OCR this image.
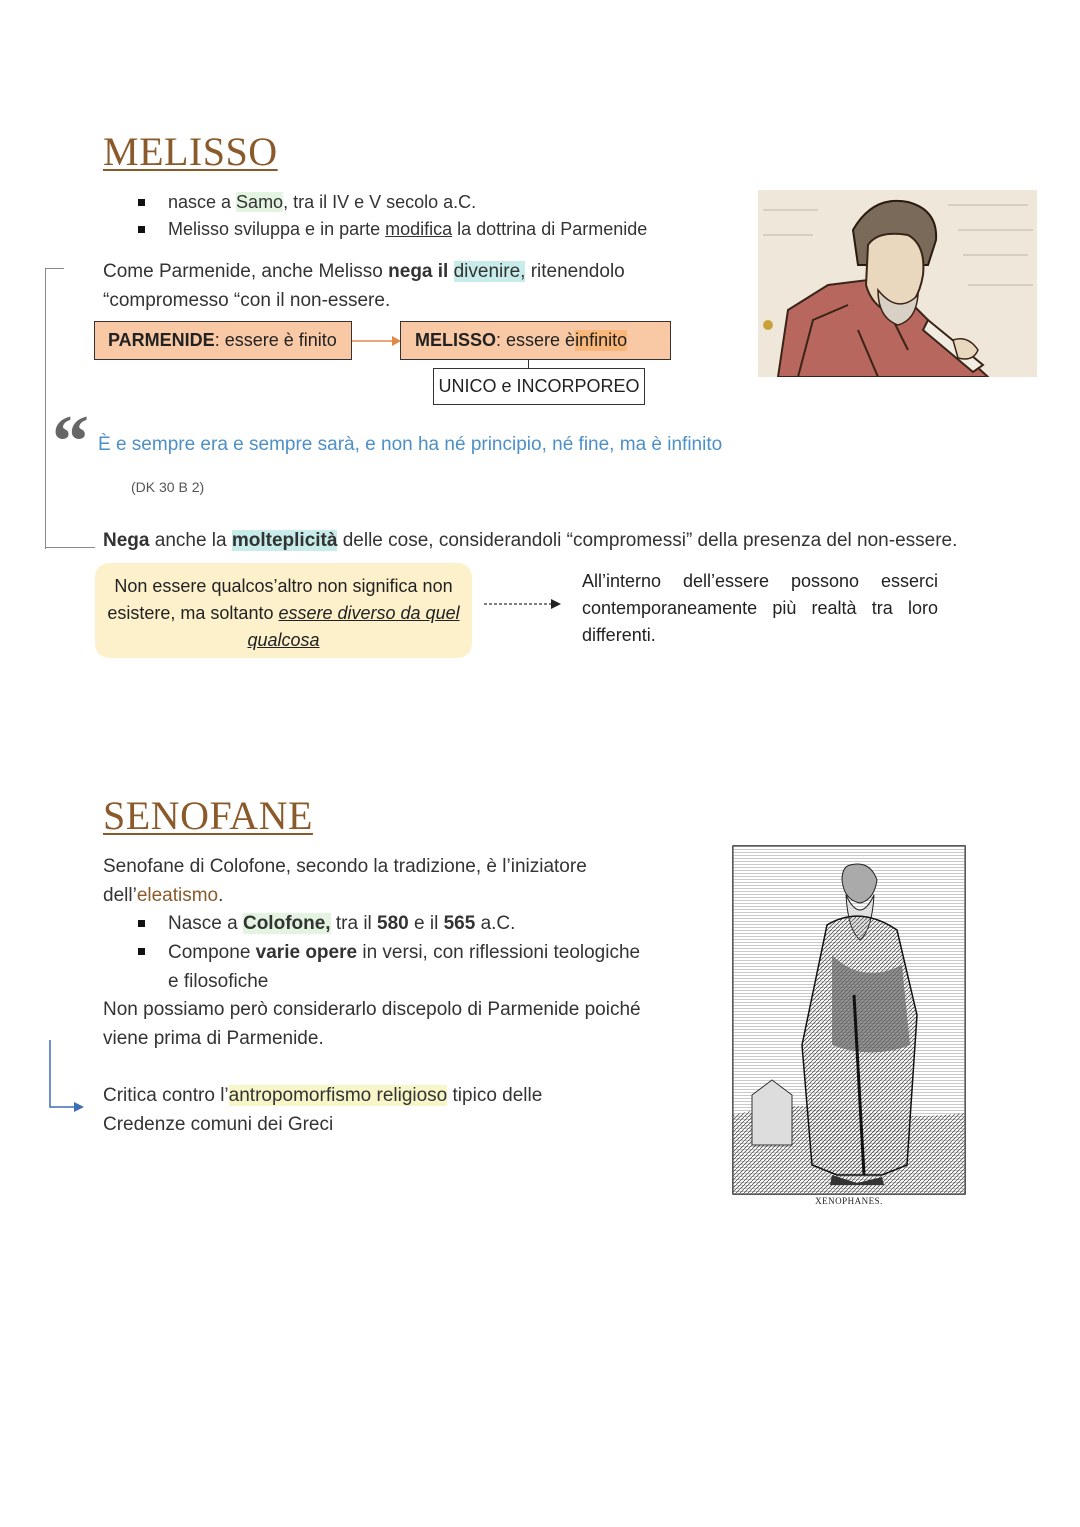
MELISSO
nasce a Samo, tra il IV e V secolo a.C.
Melisso sviluppa e in parte modifica la dottrina di Parmenide
Come Parmenide, anche Melisso nega il divenire, ritenendolo
“compromesso “con il non-essere.
PARMENIDE : essere è finito	MELISSO : essere è infinito
UNICO e INCORPOREO
“ È e sempre era e sempre sarà, e non ha né principio, né fine, ma è infinito
(DK 30 B 2)
Nega anche la molteplicità delle cose, considerandoli “compromessi” della presenza del non-essere.
Non essere qualcos’altro non significa non
esistere, ma soltanto essere diverso da quel
qualcosa
All’interno dell’essere possono esserci
contemporaneamente più realtà tra loro
differenti.
SENOFANE
Senofane di Colofone, secondo la tradizione, è l’iniziatore
dell’eleatismo.
Nasce a Colofone, tra il 580 e il 565 a.C.
Compone varie opere in versi, con riflessioni teologiche
e filosofiche
Non possiamo però considerarlo discepolo di Parmenide poiché
viene prima di Parmenide.
Critica contro l’antropomorfismo religioso tipico delle
Credenze comuni dei Greci
XENOPHANES.
